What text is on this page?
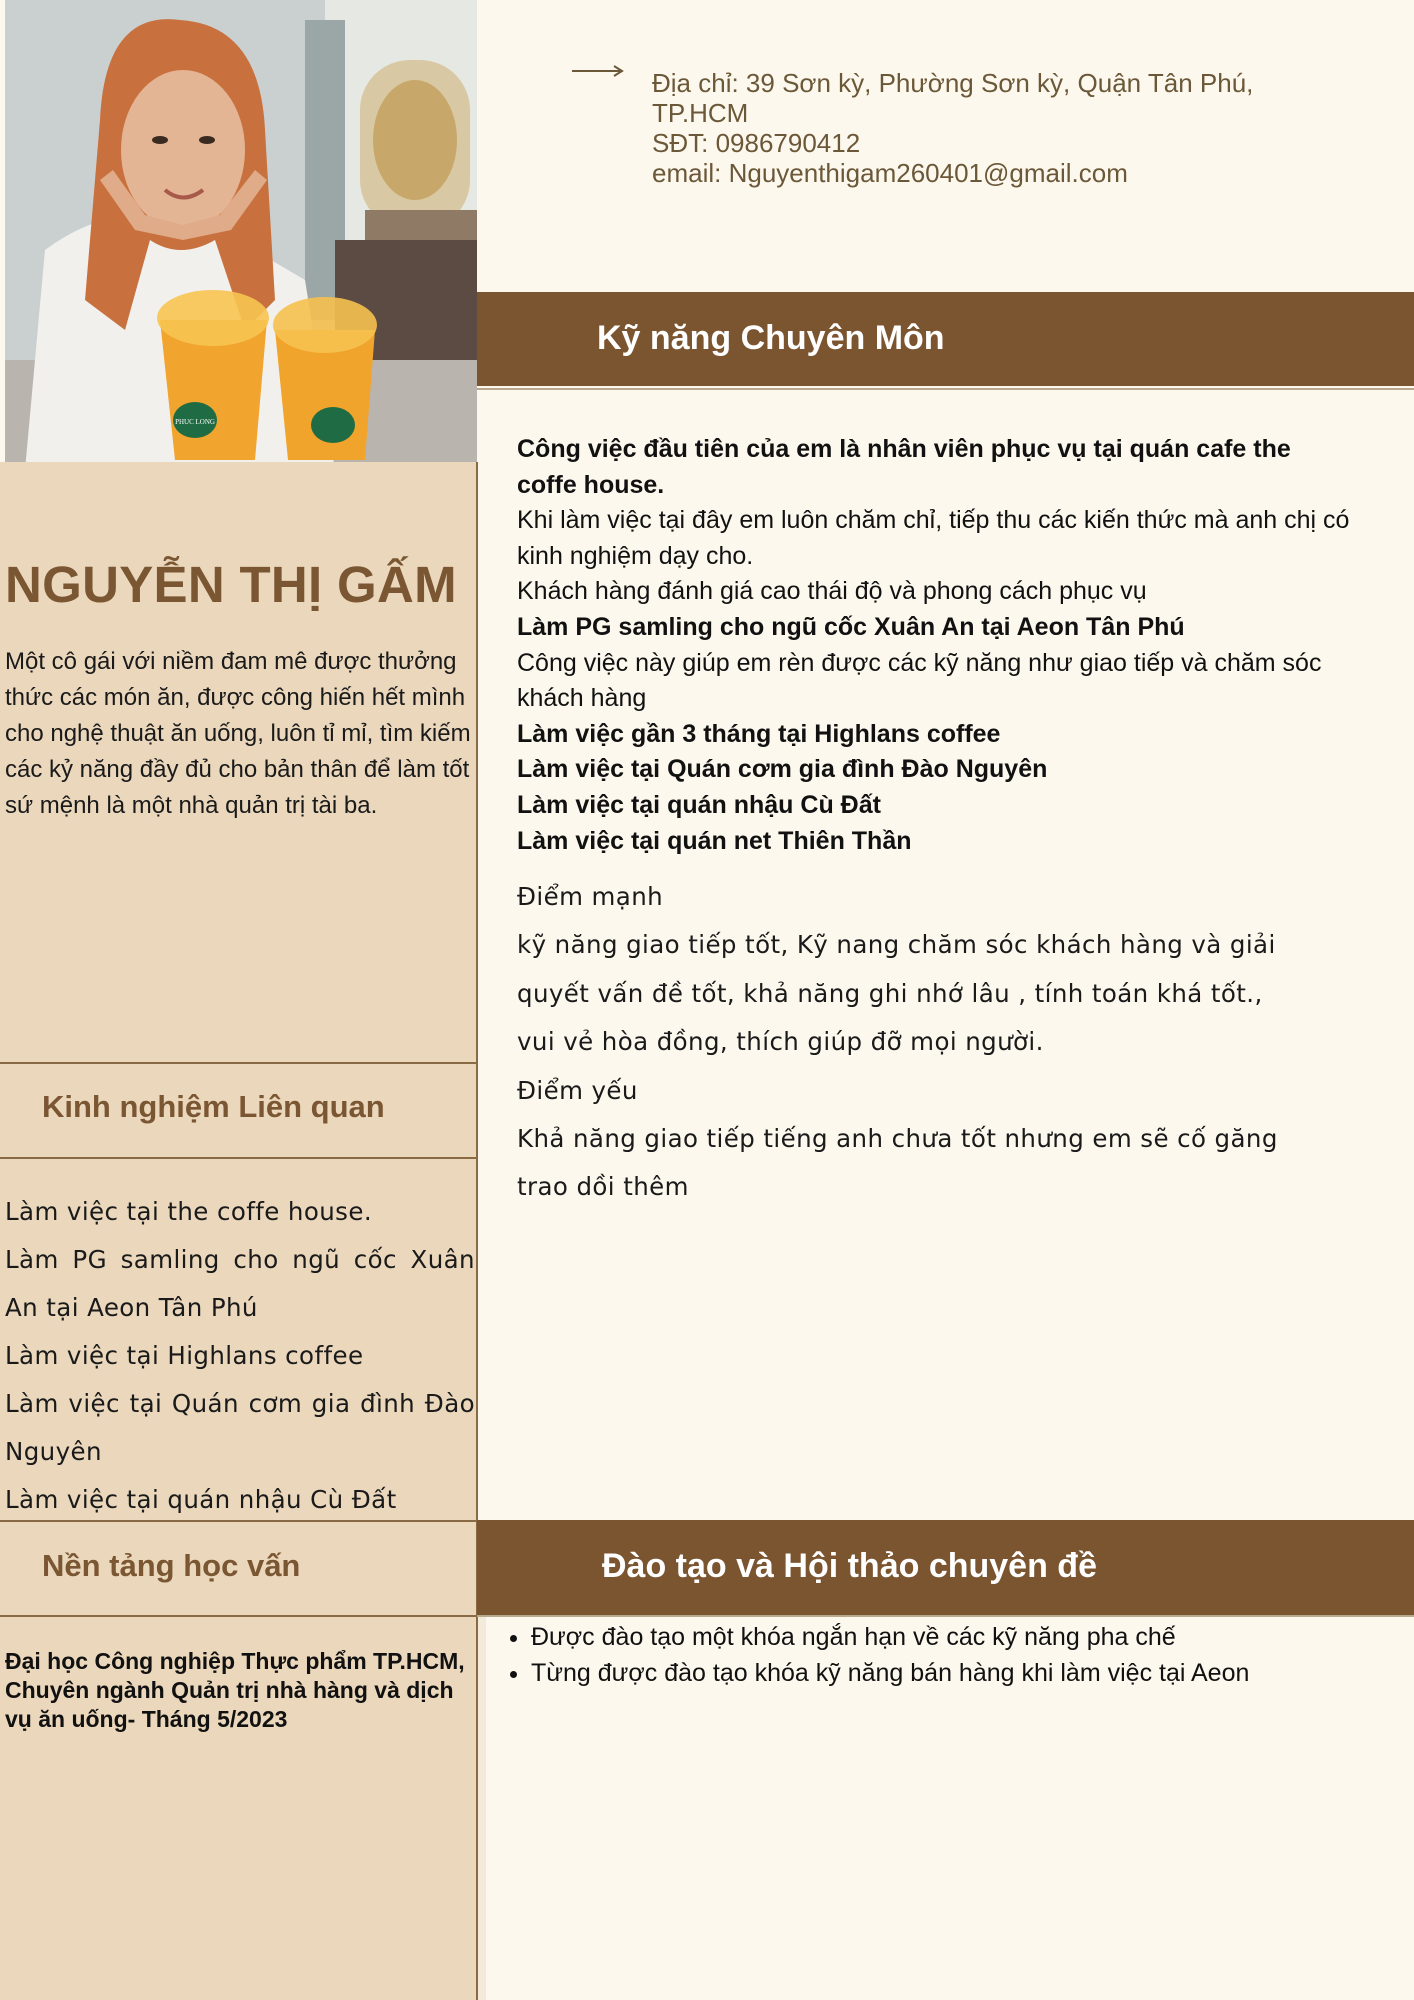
PHUC LONG
NGUYỄN THỊ GẤM
Một cô gái với niềm đam mê được thưởng thức các món ăn, được công hiến hết mình cho nghệ thuật ăn uống, luôn tỉ mỉ, tìm kiếm các kỷ năng đầy đủ cho bản thân để làm tốt sứ mệnh là một nhà quản trị tài ba.
Kinh nghiệm Liên quan
Làm việc tại the coffe house.
Làm PG samling cho ngũ cốc Xuân An tại Aeon Tân Phú
Làm việc tại Highlans coffee
Làm việc tại Quán cơm gia đình Đào Nguyên
Làm việc tại quán nhậu Cù Đất
Nền tảng học vấn
Đại học Công nghiệp Thực phẩm TP.HCM, Chuyên ngành Quản trị nhà hàng và dịch vụ ăn uống- Tháng 5/2023
Địa chỉ: 39 Sơn kỳ, Phường Sơn kỳ, Quận Tân Phú,
TP.HCM
SĐT: 0986790412
email: Nguyenthigam260401@gmail.com
Kỹ năng Chuyên Môn
Công việc đầu tiên của em là nhân viên phục vụ tại quán cafe the
coffe house.
Khi làm việc tại đây em luôn chăm chỉ, tiếp thu các kiến thức mà anh chị có
kinh nghiệm dạy cho.
Khách hàng đánh giá cao thái độ và phong cách phục vụ
Làm PG samling cho ngũ cốc Xuân An tại Aeon Tân Phú
Công việc này giúp em rèn được các kỹ năng như giao tiếp và chăm sóc
khách hàng
Làm việc gần 3 tháng tại Highlans coffee
Làm việc tại Quán cơm gia đình Đào Nguyên
Làm việc tại quán nhậu Cù Đất
Làm việc tại quán net Thiên Thần
Điểm mạnh
kỹ năng giao tiếp tốt, Kỹ nang chăm sóc khách hàng và giải
quyết vấn đề tốt, khả năng ghi nhớ lâu , tính toán khá tốt.,
vui vẻ hòa đồng, thích giúp đỡ mọi người.
Điểm yếu
Khả năng giao tiếp tiếng anh chưa tốt nhưng em sẽ cố găng
trao dồi thêm
Đào tạo và Hội thảo chuyên đề
• Được đào tạo một khóa ngắn hạn về các kỹ năng pha chế
• Từng được đào tạo khóa kỹ năng bán hàng khi làm việc tại Aeon
